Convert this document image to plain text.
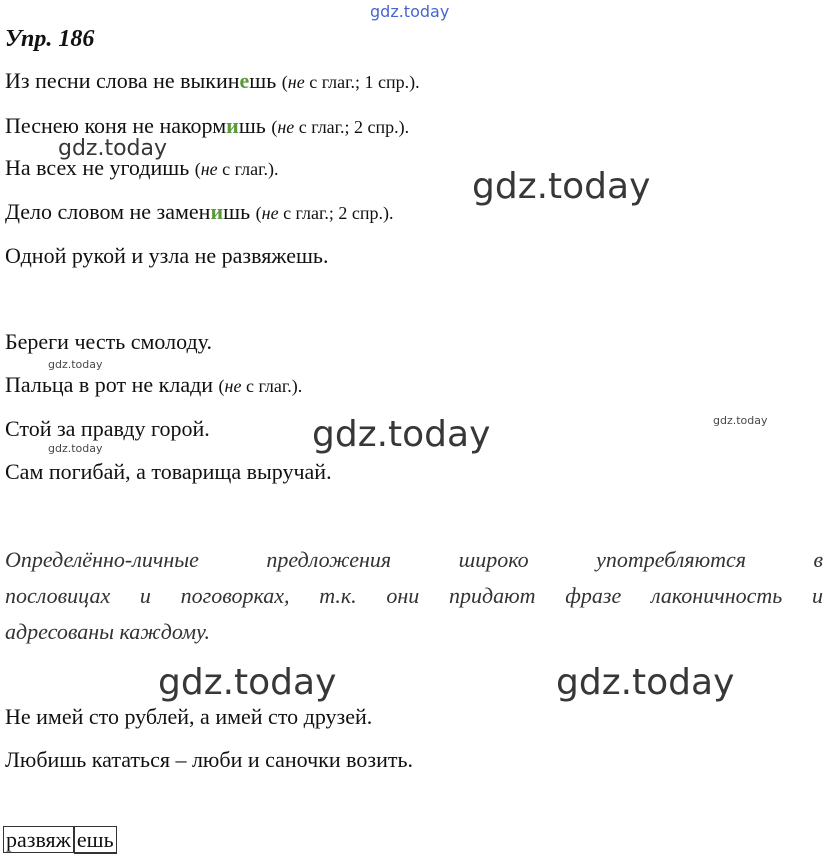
gdz.today
gdz.today
gdz.today
gdz.today
gdz.today
gdz.today
gdz.today
gdz.today	gdz.today
Упр. 186
Из песни слова не выкинешь (не с глаг.; 1 спр.).
Песнею коня не накормишь (не с глаг.; 2 спр.).
На всех не угодишь (не с глаг.).
Дело словом не заменишь (не с глаг.; 2 спр.).
Одной рукой и узла не развяжешь.
Береги честь смолоду.
Пальца в рот не клади (не с глаг.).
Стой за правду горой.
Сам погибай, а товарища выручай.
Определённо-личные предложения широко употребляются в
пословицах и поговорках, т.к. они придают фразе лаконичность и
адресованы каждому.
Не имей сто рублей, а имей сто друзей.
Любишь кататься – люби и саночки возить.
развяж ешь
